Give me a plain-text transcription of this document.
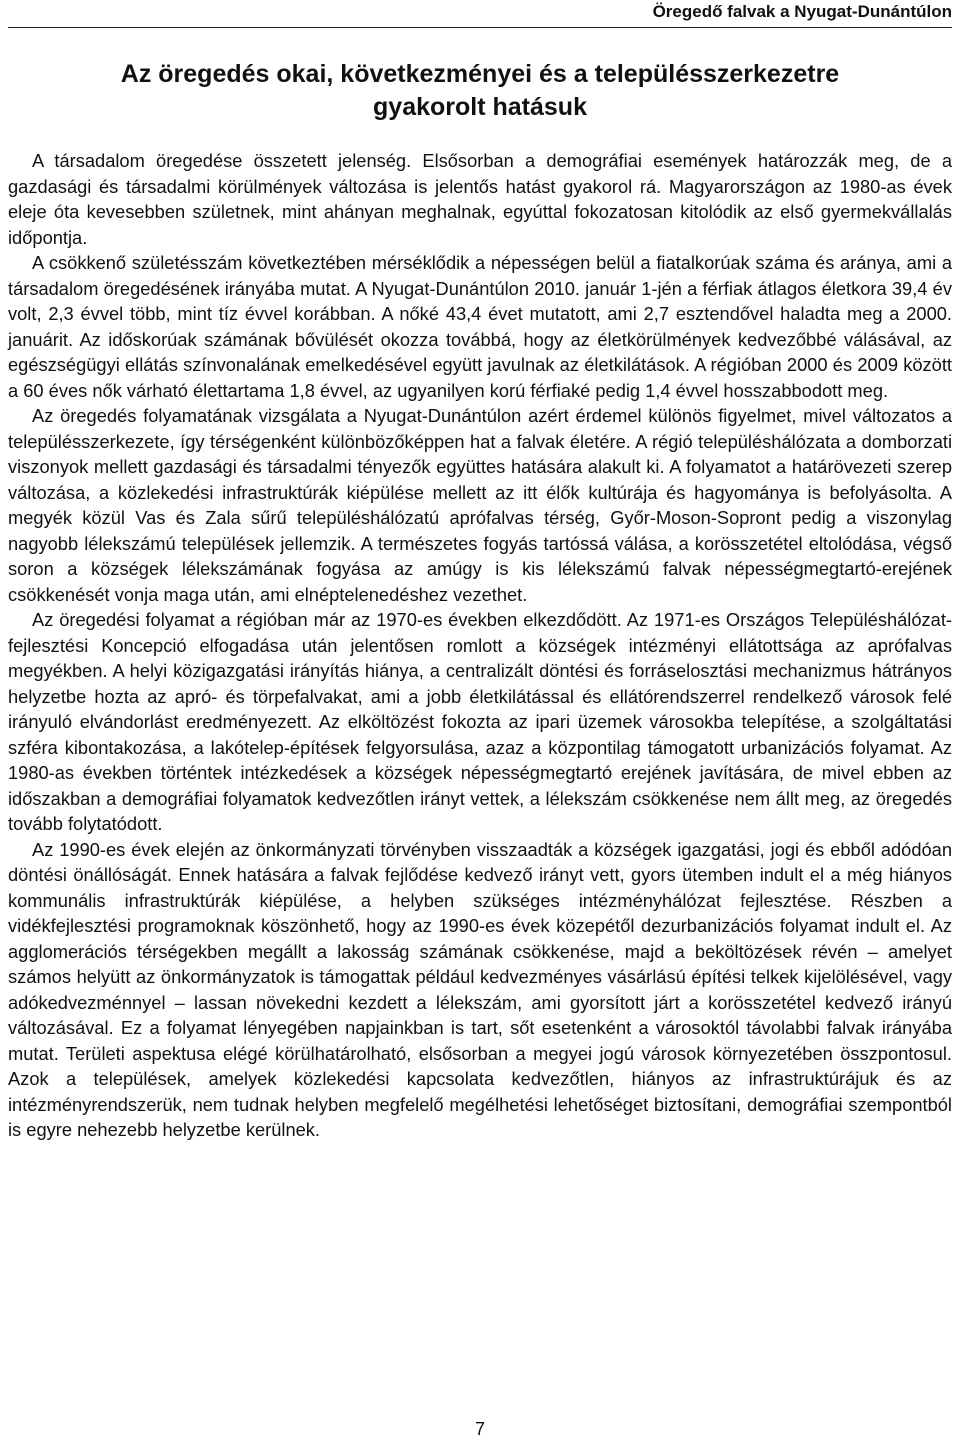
Öregedő falvak a Nyugat-Dunántúlon
Az öregedés okai, következményei és a településszerkezetre
gyakorolt hatásuk

A társadalom öregedése összetett jelenség. Elsősorban a demográfiai események határozzák meg, de a gazdasági és társadalmi körülmények változása is jelentős hatást gyakorol rá. Magyarországon az 1980-as évek eleje óta kevesebben születnek, mint ahányan meghalnak, egyúttal fokozatosan kitolódik az első gyermekvállalás időpontja.

A csökkenő születésszám következtében mérséklődik a népességen belül a fiatalkorúak száma és aránya, ami a társadalom öregedésének irányába mutat. A Nyugat-Dunántúlon 2010. január 1-jén a férfiak átlagos életkora 39,4 év volt, 2,3 évvel több, mint tíz évvel korábban. A nőké 43,4 évet mutatott, ami 2,7 esztendővel haladta meg a 2000. januárit. Az időskorúak számának bővülését okozza továbbá, hogy az életkörülmények kedvezőbbé válásával, az egészségügyi ellátás színvonalának emelkedésével együtt javulnak az életkilátások. A régióban 2000 és 2009 között a 60 éves nők várható élettartama 1,8 évvel, az ugyanilyen korú férfiaké pedig 1,4 évvel hosszabbodott meg.

Az öregedés folyamatának vizsgálata a Nyugat-Dunántúlon azért érdemel különös figyelmet, mivel változatos a településszerkezete, így térségenként különbözőképpen hat a falvak életére. A régió településhálózata a domborzati viszonyok mellett gazdasági és társadalmi tényezők együttes hatására alakult ki. A folyamatot a határövezeti szerep változása, a közlekedési infrastruktúrák kiépülése mellett az itt élők kultúrája és hagyománya is befolyásolta. A megyék közül Vas és Zala sűrű településhálózatú aprófalvas térség, Győr-Moson-Sopront pedig a viszonylag nagyobb lélekszámú települések jellemzik. A természetes fogyás tartóssá válása, a korösszetétel eltolódása, végső soron a községek lélekszámának fogyása az amúgy is kis lélekszámú falvak népességmegtartó-erejének csökkenését vonja maga után, ami elnéptelenedéshez vezethet.

Az öregedési folyamat a régióban már az 1970-es években elkezdődött. Az 1971-es Országos Településhálózat-fejlesztési Koncepció elfogadása után jelentősen romlott a községek intézményi ellátottsága az aprófalvas megyékben. A helyi közigazgatási irányítás hiánya, a centralizált döntési és forráselosztási mechanizmus hátrányos helyzetbe hozta az apró- és törpefalvakat, ami a jobb életkilátással és ellátórendszerrel rendelkező városok felé irányuló elvándorlást eredményezett. Az elköltözést fokozta az ipari üzemek városokba telepítése, a szolgáltatási szféra kibontakozása, a lakótelep-építések felgyorsulása, azaz a központilag támogatott urbanizációs folyamat. Az 1980-as években történtek intézkedések a községek népességmegtartó erejének javítására, de mivel ebben az időszakban a demográfiai folyamatok kedvezőtlen irányt vettek, a lélekszám csökkenése nem állt meg, az öregedés tovább folytatódott.

Az 1990-es évek elején az önkormányzati törvényben visszaadták a községek igazgatási, jogi és ebből adódóan döntési önállóságát. Ennek hatására a falvak fejlődése kedvező irányt vett, gyors ütemben indult el a még hiányos kommunális infrastruktúrák kiépülése, a helyben szükséges intézményhálózat fejlesztése. Részben a vidékfejlesztési programoknak köszönhető, hogy az 1990-es évek közepétől dezurbanizációs folyamat indult el. Az agglomerációs térségekben megállt a lakosság számának csökkenése, majd a beköltözések révén – amelyet számos helyütt az önkormányzatok is támogattak például kedvezményes vásárlású építési telkek kijelölésével, vagy adókedvezménnyel – lassan növekedni kezdett a lélekszám, ami gyorsított járt a korösszetétel kedvező irányú változásával. Ez a folyamat lényegében napjainkban is tart, sőt esetenként a városoktól távolabbi falvak irányába mutat. Területi aspektusa elégé körülhatárolható, elsősorban a megyei jogú városok környezetében összpontosul. Azok a települések, amelyek közlekedési kapcsolata kedvezőtlen, hiányos az infrastruktúrájuk és az intézményrendszerük, nem tudnak helyben megfelelő megélhetési lehetőséget biztosítani, demográfiai szempontból is egyre nehezebb helyzetbe kerülnek.

7
